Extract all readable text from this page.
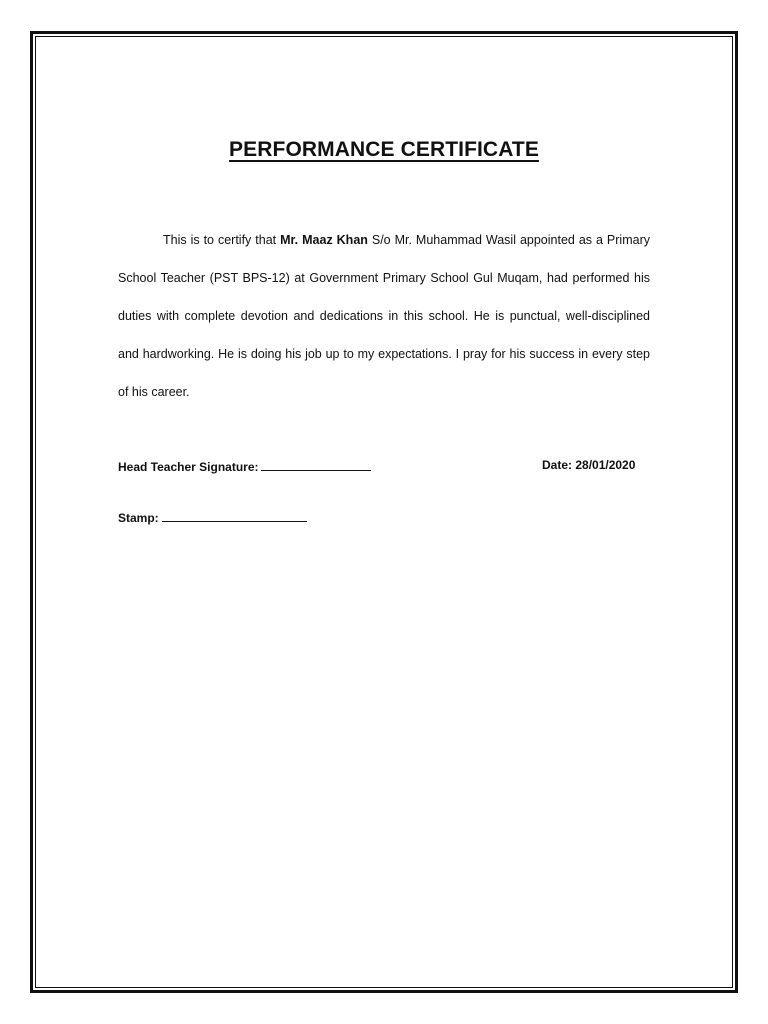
PERFORMANCE CERTIFICATE

This is to certify that Mr. Maaz Khan S/o Mr. Muhammad Wasil appointed as a Primary School Teacher (PST BPS-12) at Government Primary School Gul Muqam, had performed his duties with complete devotion and dedications in this school. He is punctual, well-disciplined and hardworking. He is doing his job up to my expectations. I pray for his success in every step of his career.

Head Teacher Signature:	Date: 28/01/2020
Stamp:
